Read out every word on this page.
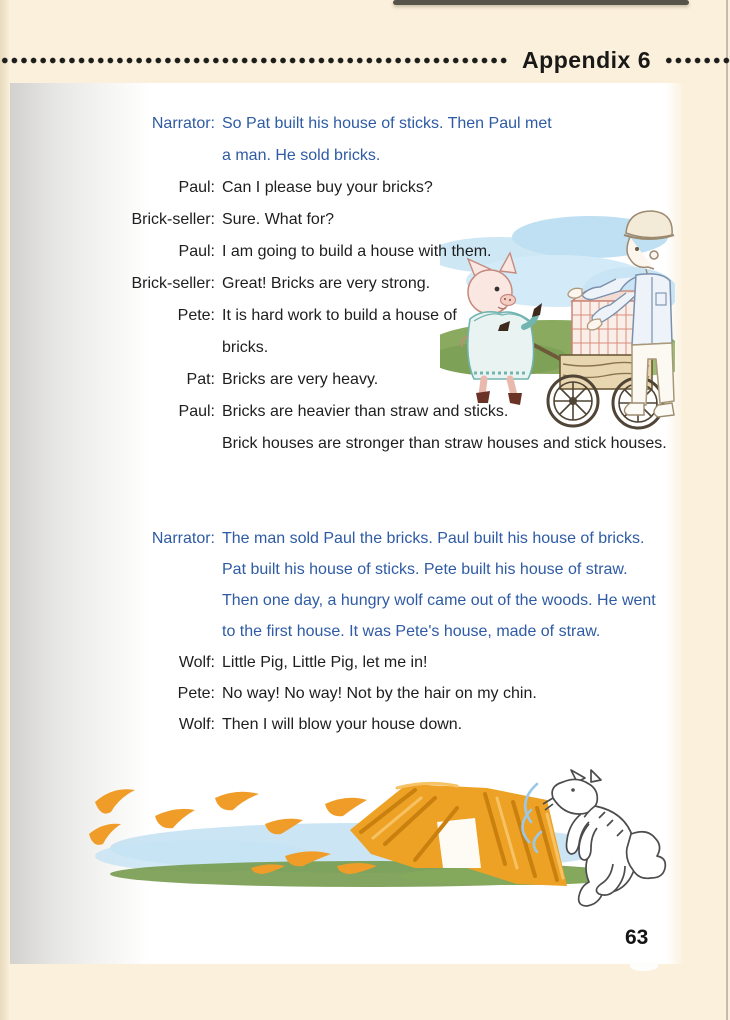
Appendix 6
Narrator: So Pat built his house of sticks. Then Paul met
a man. He sold bricks.
Paul: Can I please buy your bricks?
Brick-seller: Sure. What for?
Paul: I am going to build a house with them.
Brick-seller: Great! Bricks are very strong.
Pete: It is hard work to build a house of
bricks.
Pat: Bricks are very heavy.
Paul: Bricks are heavier than straw and sticks.
Brick houses are stronger than straw houses and stick houses.
Narrator: The man sold Paul the bricks. Paul built his house of bricks.
Pat built his house of sticks. Pete built his house of straw.
Then one day, a hungry wolf came out of the woods. He went
to the first house. It was Pete's house, made of straw.
Wolf: Little Pig, Little Pig, let me in!
Pete: No way! No way! Not by the hair on my chin.
Wolf: Then I will blow your house down.
63
